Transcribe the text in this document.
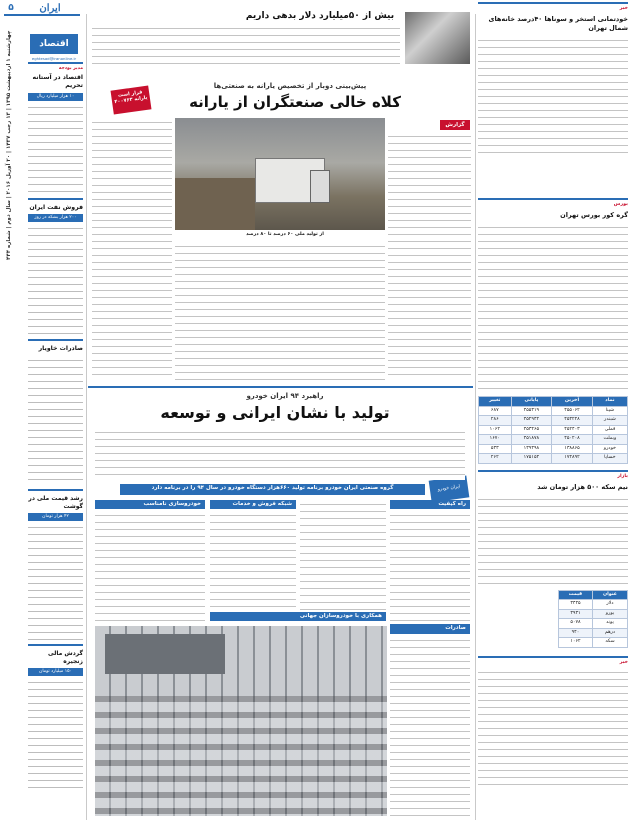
ایران
۵
اقتصاد
eghtesad@iranonline.ir
چهارشنبه ۱ اردیبهشت ۱۳۹۵ | ۱۳ رجب ۱۴۳۷ | ۲۰ آوریل ۲۰۱۶ | سال دوم | شماره ۴۴۴
مدیر بودجه
اقتصاد در آستانه تحریم
۱۰ هزار میلیارد ریال
فروش نفت ایران
۲۰۰ هزار بشکه در روز
صادرات خاویار
رشد قیمت ملی در گوشت
۴۲ هزار تومان
گردش مالی زنجیره
۱۵۰ میلیارد تومان
بیش از ۵۰میلیارد دلار بدهی داریم
پیش‌بینی دوبار از تخصیص یارانه به صنعتی‌ها
کلاه خالی صنعتگران از یارانه
قرار است یارانه ۴۰۰۷۶۳
گزارش
از تولید ملی ۶۰ درصد تا ۸۰ درصد
راهبرد ۹۴ ایران خودرو
تولید با نشان ایرانی و توسعه
ایران خودرو
گروه صنعتی ایران خودرو برنامه تولید ۶۶۰هزار دستگاه خودرو در سال ۹۴ را در برنامه دارد
راه کیفیت
صادرات
شبکه فروش و خدمات
خودروسازی نامناسب
همکاری با خودروسازان جهانی
خبر
خودتمانی استخر و سوناها ۴۰درصد خانه‌های شمال تهران
بورس
گره کور بورس تهران
نماد	آخرین	پایانی	تغییر
شپنا	۴۵۵۰۶۲	۴۵۵۳۱۹	۶۸۷
شبندر	۴۵۳۲۲۸	۴۵۲۹۴۲	۲۸۶
فملی	۴۵۲۴۰۳	۴۵۳۴۶۵	۱۰۶۲
وبملت	۴۵۰۲۰۸	۴۵۱۸۷۸	۱۶۷۰
خودرو	۱۳۸۸۶۵	۱۳۹۳۹۸	۵۳۳
خساپا	۱۷۴۸۹۲	۱۷۵۱۵۴	۲۶۲
بازار
نیم سکه ۵۰۰ هزار تومان شد
عنوان	قیمت
دلار	۳۴۴۵
یورو	۳۹۳۱
پوند	۵۰۷۸
درهم	۹۴۰
سکه	۱۰۶۲
خبر
